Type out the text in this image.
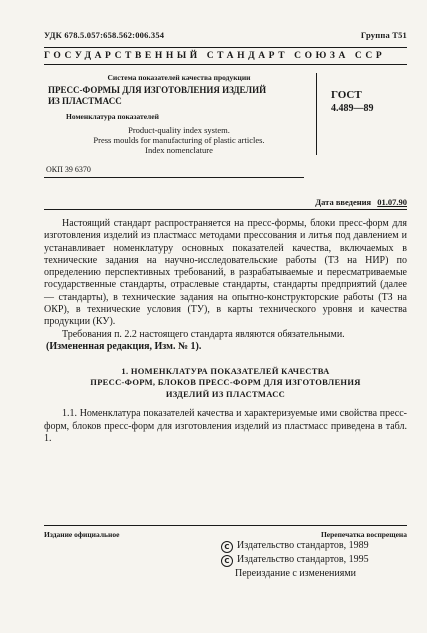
УДК 678.5.057:658.562:006.354	Группа Т51
ГОСУДАРСТВЕННЫЙ СТАНДАРТ СОЮЗА ССР
Система показателей качества продукции
ПРЕСС-ФОРМЫ ДЛЯ ИЗГОТОВЛЕНИЯ ИЗДЕЛИЙ
ИЗ ПЛАСТМАСС
Номенклатура показателей
Product-quality index system.
Press moulds for manufacturing of plastic articles.
Index nomenclature
ГОСТ
4.489—89
ОКП 39 6370
Дата введения 01.07.90

Настоящий стандарт распространяется на пресс-формы, блоки пресс-форм для изготовления изделий из пластмасс методами прессования и литья под давлением и устанавливает номенклатуру основных показателей качества, включаемых в технические задания на научно-исследовательские работы (ТЗ на НИР) по определению перспективных требований, в разрабатываемые и пересматриваемые государственные стандарты, отраслевые стандарты, стандарты предприятий (далее — стандарты), в технические задания на опытно-конструкторские работы (ТЗ на ОКР), в технические условия (ТУ), в карты технического уровня и качества продукции (КУ).

Требования п. 2.2 настоящего стандарта являются обязательными.

(Измененная редакция, Изм. № 1).

1. НОМЕНКЛАТУРА ПОКАЗАТЕЛЕЙ КАЧЕСТВА
ПРЕСС-ФОРМ, БЛОКОВ ПРЕСС-ФОРМ ДЛЯ ИЗГОТОВЛЕНИЯ
ИЗДЕЛИЙ ИЗ ПЛАСТМАСС

1.1. Номенклатура показателей качества и характеризуемые ими свойства пресс-форм, блоков пресс-форм для изготовления изделий из пластмасс приведена в табл. 1.

Издание официальное	Перепечатка воспрещена
C Издательство стандартов, 1989
C Издательство стандартов, 1995
Переиздание с изменениями
